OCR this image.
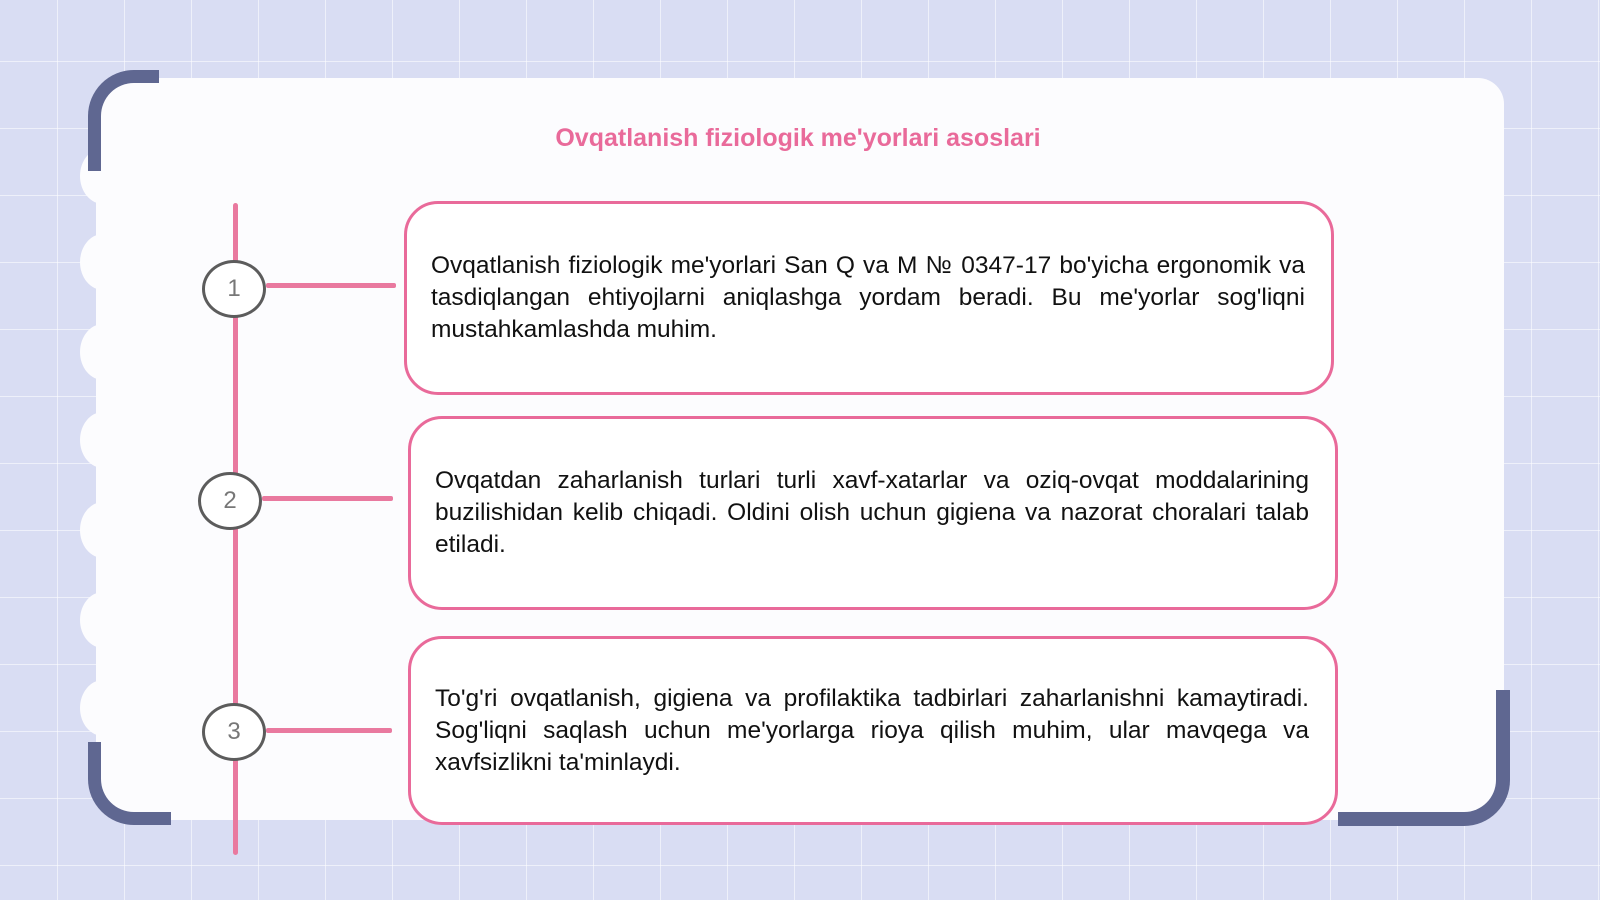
Ovqatlanish fiziologik me'yorlari asoslari
1
2
3

Ovqatlanish fiziologik me'yorlari San Q va M № 0347-17 bo'yicha ergonomik va tasdiqlangan ehtiyojlarni aniqlashga yordam beradi. Bu me'yorlar sog'liqni mustahkamlashda muhim.

Ovqatdan zaharlanish turlari turli xavf-xatarlar va oziq-ovqat moddalarining buzilishidan kelib chiqadi. Oldini olish uchun gigiena va nazorat choralari talab etiladi.

To'g'ri ovqatlanish, gigiena va profilaktika tadbirlari zaharlanishni kamaytiradi. Sog'liqni saqlash uchun me'yorlarga rioya qilish muhim, ular mavqega va xavfsizlikni ta'minlaydi.
